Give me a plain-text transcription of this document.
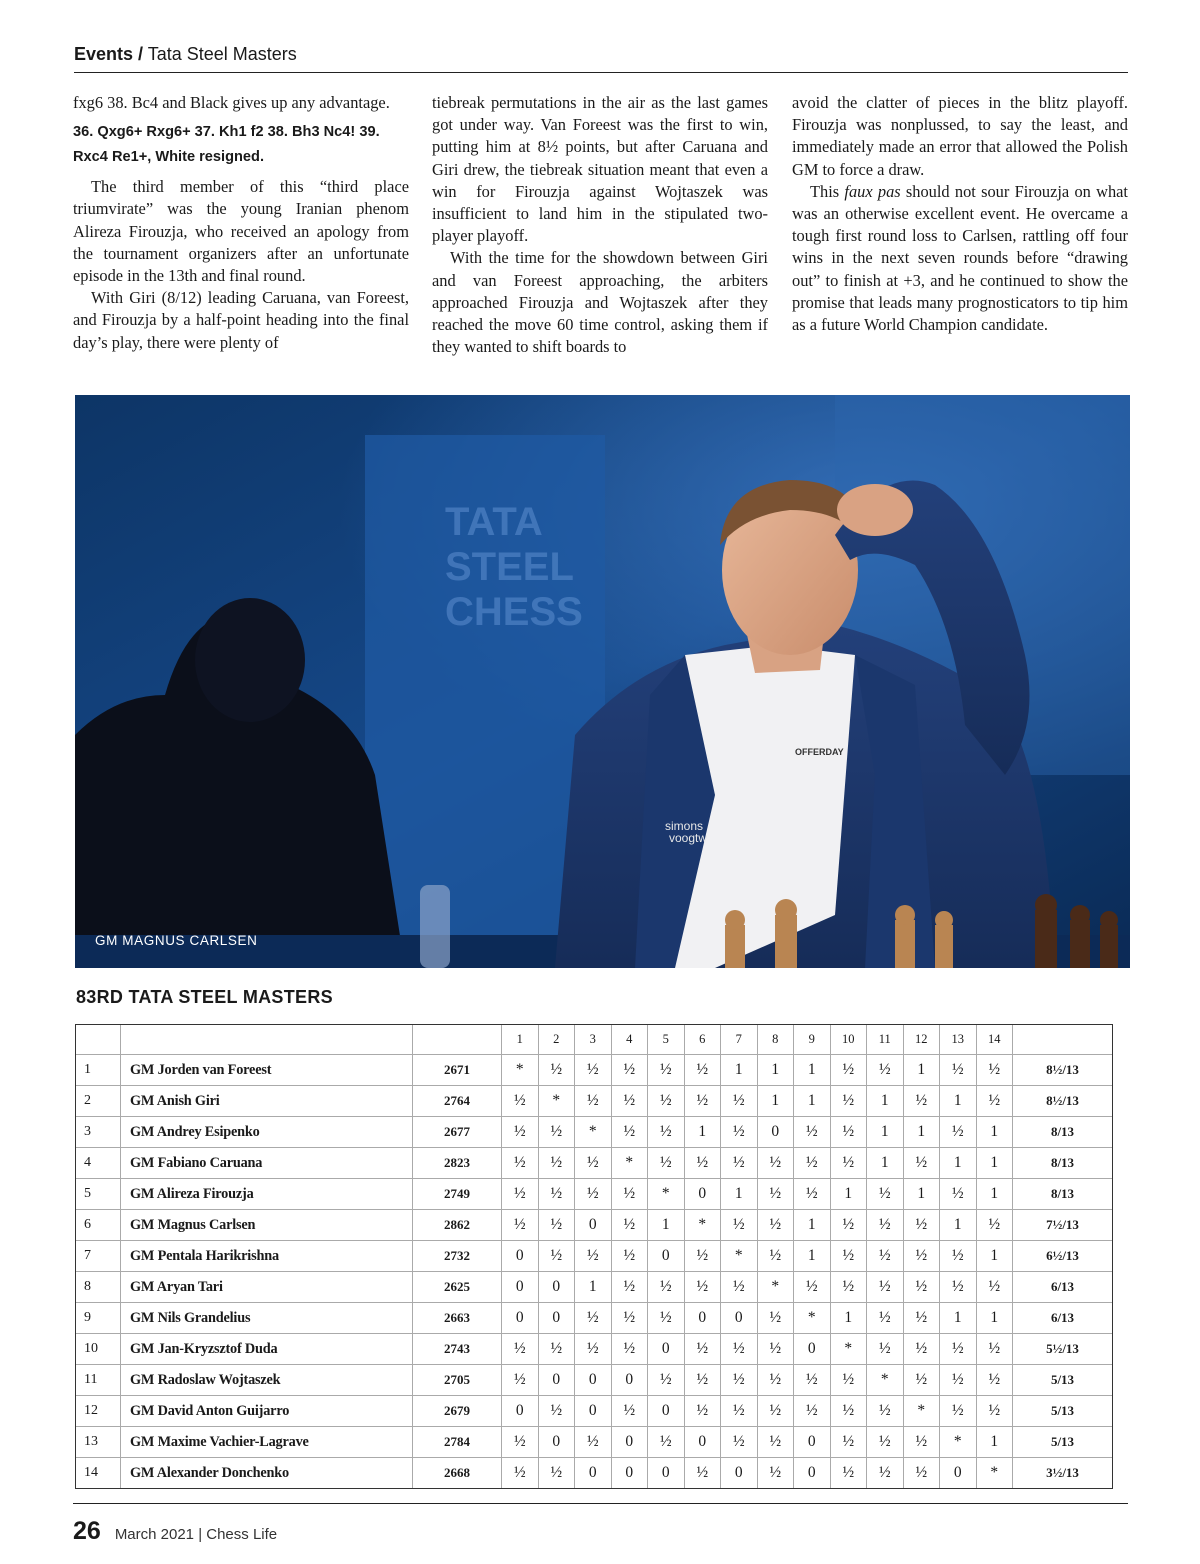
Events / Tata Steel Masters

fxg6 38. Bc4 and Black gives up any advantage.

36. Qxg6+ Rxg6+ 37. Kh1 f2 38. Bh3 Nc4! 39. Rxc4 Re1+, White resigned.

The third member of this “third place triumvirate” was the young Iranian phenom Alireza Firouzja, who received an apology from the tournament organizers after an unfortunate episode in the 13th and final round.

With Giri (8/12) leading Caruana, van Foreest, and Firouzja by a half-point heading into the final day’s play, there were plenty of

tiebreak permutations in the air as the last games got under way. Van Foreest was the first to win, putting him at 8½ points, but after Caruana and Giri drew, the tiebreak situation meant that even a win for Firouzja against Wojtaszek was insufficient to land him in the stipulated two-player playoff.

With the time for the showdown between Giri and van Foreest approaching, the arbiters approached Firouzja and Wojtaszek after they reached the move 60 time control, asking them if they wanted to shift boards to

avoid the clatter of pieces in the blitz playoff. Firouzja was nonplussed, to say the least, and immediately made an error that allowed the Polish GM to force a draw.

This faux pas should not sour Firouzja on what was an otherwise excellent event. He overcame a tough first round loss to Carlsen, rattling off four wins in the next seven rounds before “drawing out” to finish at +3, and he continued to show the promise that leads many prognosticators to tip him as a future World Champion candidate.

TATA
STEEL
CHESS
simons
voogtw
OFFERDAY
GM MAGNUS CARLSEN
83RD TATA STEEL MASTERS
			1	2	3	4	5	6	7	8	9	10	11	12	13	14	
1	GM Jorden van Foreest	2671	*	½	½	½	½	½	1	1	1	½	½	1	½	½	8½/13
2	GM Anish Giri	2764	½	*	½	½	½	½	½	1	1	½	1	½	1	½	8½/13
3	GM Andrey Esipenko	2677	½	½	*	½	½	1	½	0	½	½	1	1	½	1	8/13
4	GM Fabiano Caruana	2823	½	½	½	*	½	½	½	½	½	½	1	½	1	1	8/13
5	GM Alireza Firouzja	2749	½	½	½	½	*	0	1	½	½	1	½	1	½	1	8/13
6	GM Magnus Carlsen	2862	½	½	0	½	1	*	½	½	1	½	½	½	1	½	7½/13
7	GM Pentala Harikrishna	2732	0	½	½	½	0	½	*	½	1	½	½	½	½	1	6½/13
8	GM Aryan Tari	2625	0	0	1	½	½	½	½	*	½	½	½	½	½	½	6/13
9	GM Nils Grandelius	2663	0	0	½	½	½	0	0	½	*	1	½	½	1	1	6/13
10	GM Jan-Kryzsztof Duda	2743	½	½	½	½	0	½	½	½	0	*	½	½	½	½	5½/13
11	GM Radoslaw Wojtaszek	2705	½	0	0	0	½	½	½	½	½	½	*	½	½	½	5/13
12	GM David Anton Guijarro	2679	0	½	0	½	0	½	½	½	½	½	½	*	½	½	5/13
13	GM Maxime Vachier-Lagrave	2784	½	0	½	0	½	0	½	½	0	½	½	½	*	1	5/13
14	GM Alexander Donchenko	2668	½	½	0	0	0	½	0	½	0	½	½	½	0	*	3½/13
26 March 2021 | Chess Life
